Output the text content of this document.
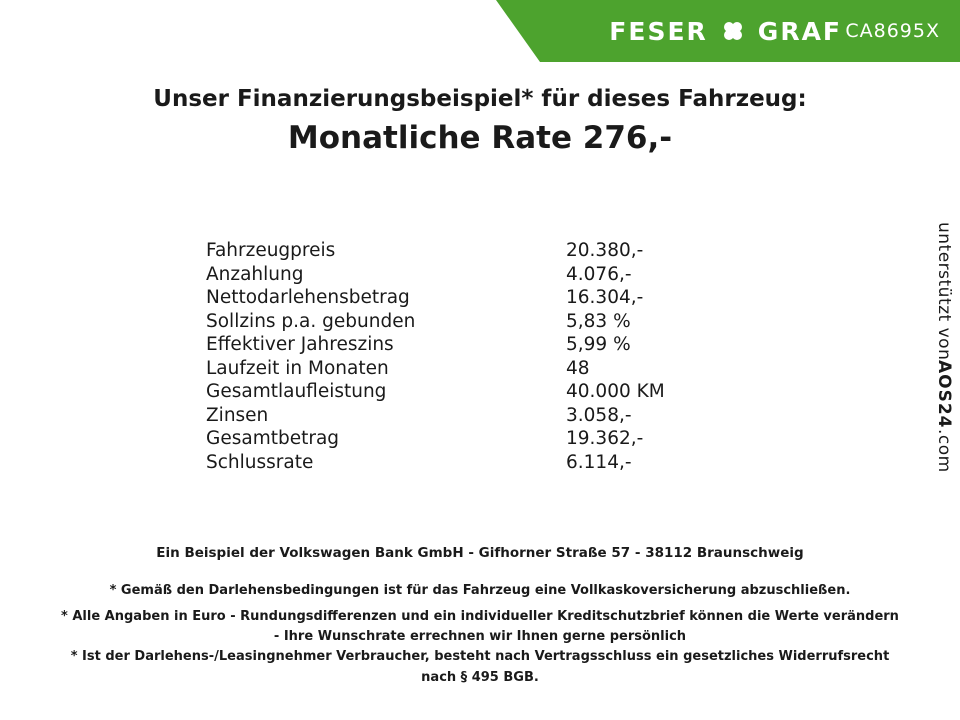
FESER GRAF CA8695X
Unser Finanzierungsbeispiel* für dieses Fahrzeug:
Monatliche Rate 276,-
Fahrzeugpreis	20.380,-
Anzahlung	4.076,-
Nettodarlehensbetrag	16.304,-
Sollzins p.a. gebunden	5,83 %
Effektiver Jahreszins	5,99 %
Laufzeit in Monaten	48
Gesamtlaufleistung	40.000 KM
Zinsen	3.058,-
Gesamtbetrag	19.362,-
Schlussrate	6.114,-
unterstützt von
AOS24
.com
Ein Beispiel der Volkswagen Bank GmbH - Gifhorner Straße 57 - 38112 Braunschweig
* Gemäß den Darlehensbedingungen ist für das Fahrzeug eine Vollkaskoversicherung abzuschließen.
* Alle Angaben in Euro - Rundungsdifferenzen und ein individueller Kreditschutzbrief können die Werte verändern
- Ihre Wunschrate errechnen wir Ihnen gerne persönlich
* Ist der Darlehens-/Leasingnehmer Verbraucher, besteht nach Vertragsschluss ein gesetzliches Widerrufsrecht
nach § 495 BGB.
